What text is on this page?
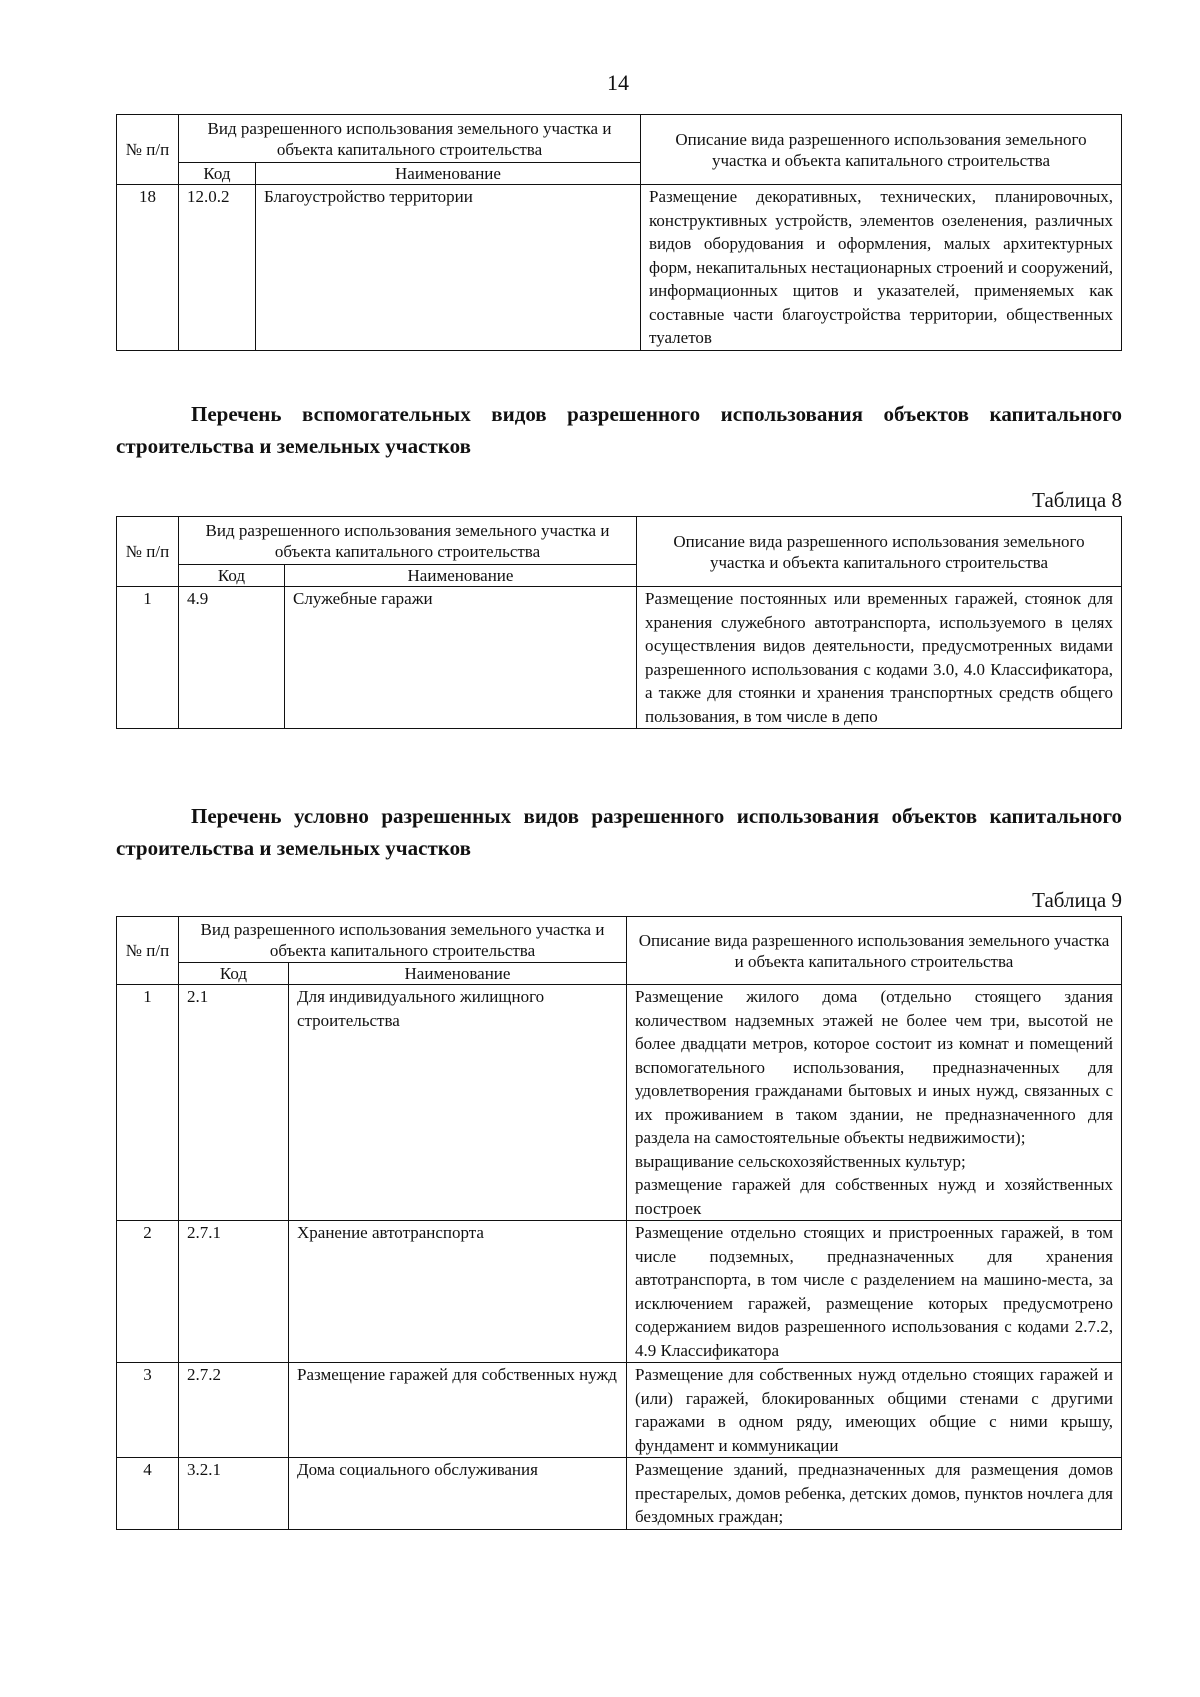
14
№ п/п	Вид разрешенного использования земельного участка и объекта капитального строительства		Описание вида разрешенного использования земельного участка и объекта капитального строительства
	Код	Наименование	
18	12.0.2	Благоустройство территории	Размещение декоративных, технических, планировочных, конструктивных устройств, элементов озеленения, различных видов оборудования и оформления, малых архитектурных форм, некапитальных нестационарных строений и сооружений, информационных щитов и указателей, применяемых как составные части благоустройства территории, общественных туалетов
Перечень вспомогательных видов разрешенного использования объектов капитального строительства и земельных участков
Таблица 8
№ п/п	Вид разрешенного использования земельного участка и объекта капитального строительства		Описание вида разрешенного использования земельного участка и объекта капитального строительства
	Код	Наименование	
1	4.9	Служебные гаражи	Размещение постоянных или временных гаражей, стоянок для хранения служебного автотранспорта, используемого в целях осуществления видов деятельности, предусмотренных видами разрешенного использования с кодами 3.0, 4.0 Классификатора, а также для стоянки и хранения транспортных средств общего пользования, в том числе в депо
Перечень условно разрешенных видов разрешенного использования объектов капитального строительства и земельных участков
Таблица 9
№ п/п	Вид разрешенного использования земельного участка и объекта капитального строительства		Описание вида разрешенного использования земельного участка и объекта капитального строительства
	Код	Наименование	
1	2.1	Для индивидуального жилищного строительства	Размещение жилого дома (отдельно стоящего здания количеством надземных этажей не более чем три, высотой не более двадцати метров, которое состоит из комнат и помещений вспомогательного использования, предназначенных для удовлетворения гражданами бытовых и иных нужд, связанных с их проживанием в таком здании, не предназначенного для раздела на самостоятельные объекты недвижимости);
выращивание сельскохозяйственных культур;
размещение гаражей для собственных нужд и хозяйственных построек

2	2.7.1	Хранение автотранспорта	Размещение отдельно стоящих и пристроенных гаражей, в том числе подземных, предназначенных для хранения автотранспорта, в том числе с разделением на машино-места, за исключением гаражей, размещение которых предусмотрено содержанием видов разрешенного использования с кодами 2.7.2, 4.9 Классификатора
3	2.7.2	Размещение гаражей для собственных нужд	Размещение для собственных нужд отдельно стоящих гаражей и (или) гаражей, блокированных общими стенами с другими гаражами в одном ряду, имеющих общие с ними крышу, фундамент и коммуникации
4	3.2.1	Дома социального обслуживания	Размещение зданий, предназначенных для размещения домов престарелых, домов ребенка, детских домов, пунктов ночлега для бездомных граждан;
